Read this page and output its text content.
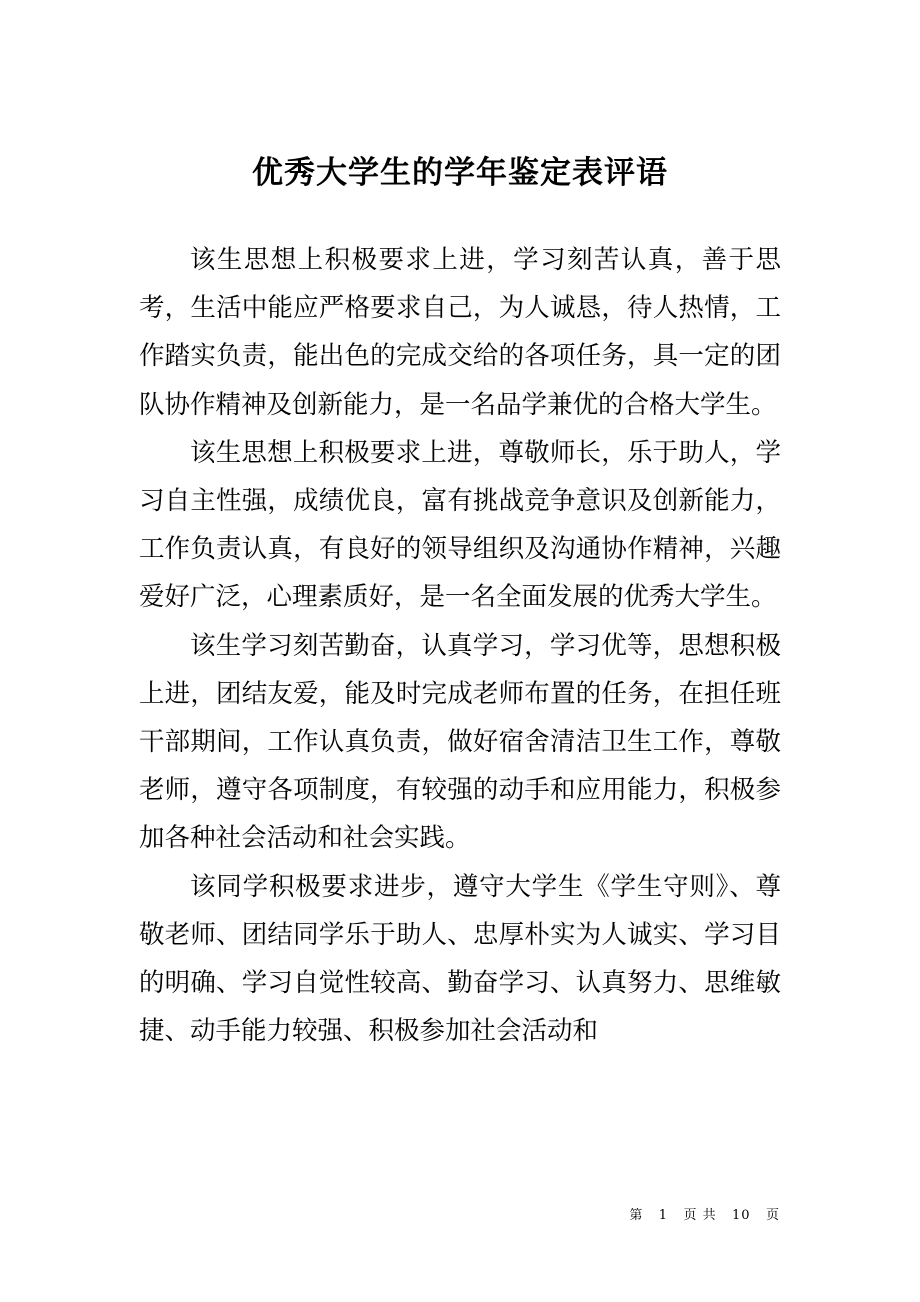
优秀大学生的学年鉴定表评语

该生思想上积极要求上进，学习刻苦认真，善于思考，生活中能应严格要求自己，为人诚恳，待人热情，工作踏实负责，能出色的完成交给的各项任务，具一定的团队协作精神及创新能力，是一名品学兼优的合格大学生。

该生思想上积极要求上进，尊敬师长，乐于助人，学习自主性强，成绩优良，富有挑战竞争意识及创新能力，工作负责认真，有良好的领导组织及沟通协作精神，兴趣爱好广泛，心理素质好，是一名全面发展的优秀大学生。

该生学习刻苦勤奋，认真学习，学习优等，思想积极上进，团结友爱，能及时完成老师布置的任务，在担任班干部期间，工作认真负责，做好宿舍清洁卫生工作，尊敬老师，遵守各项制度，有较强的动手和应用能力，积极参加各种社会活动和社会实践。

该同学积极要求进步，遵守大学生《学生守则》、尊敬老师、团结同学乐于助人、忠厚朴实为人诚实、学习目的明确、学习自觉性较高、勤奋学习、认真努力、思维敏捷、动手能力较强、积极参加社会活动和

第 1 页 共 10 页
